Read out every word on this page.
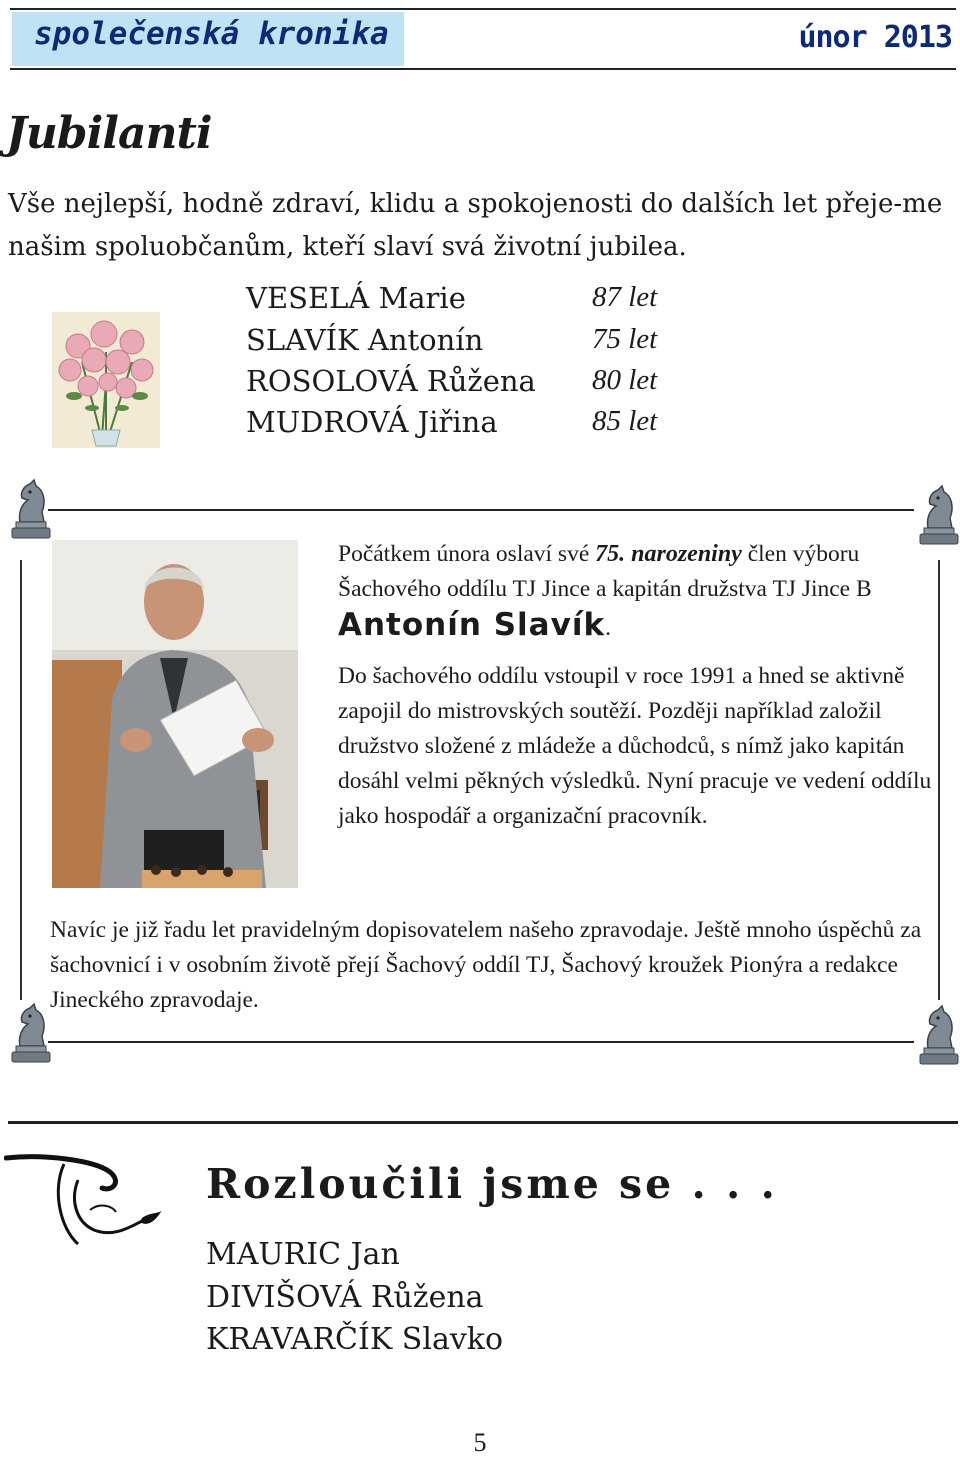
společenská kronika	únor 2013
Jubilanti
Vše nejlepší, hodně zdraví, klidu a spokojenosti do dalších let přeje-me našim spoluobčanům, kteří slaví svá životní jubilea.
VESELÁ Marie	87 let
SLAVÍK Antonín	75 let
ROSOLOVÁ Růžena 80 let
MUDROVÁ Jiřina	85 let
Počátkem února oslaví své 75. narozeniny člen výboru Šachového oddílu TJ Jince a kapitán družstva TJ Jince B Antonín Slavík.
Do šachového oddílu vstoupil v roce 1991 a hned se aktivně zapojil do mistrovských soutěží. Později například založil družstvo složené z mládeže a důchodců, s nímž jako kapitán dosáhl velmi pěkných výsledků. Nyní pracuje ve vedení oddílu jako hospodář a organizační pracovník.
Navíc je již řadu let pravidelným dopisovatelem našeho zpravodaje. Ještě mnoho úspěchů za šachovnicí i v osobním životě přejí Šachový oddíl TJ, Šachový kroužek Pionýra a redakce Jineckého zpravodaje.
Rozloučili jsme se . . .
MAURIC Jan
DIVIŠOVÁ Růžena
KRAVARČÍK Slavko
5
